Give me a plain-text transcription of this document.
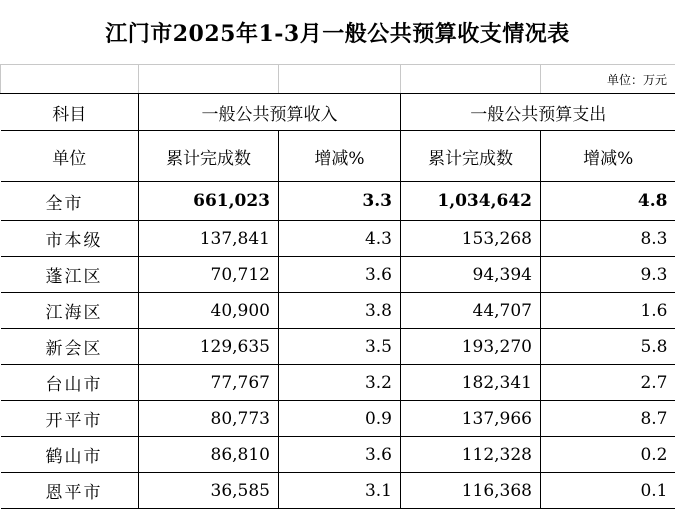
江门市2025年1-3月一般公共预算收支情况表
				单位：万元
科目	一般公共预算收入		一般公共预算支出	
单位	累计完成数	增减%	累计完成数	增减%
全市	661,023	3.3	1,034,642	4.8
市本级	137,841	4.3	153,268	8.3
蓬江区	70,712	3.6	94,394	9.3
江海区	40,900	3.8	44,707	1.6
新会区	129,635	3.5	193,270	5.8
台山市	77,767	3.2	182,341	2.7
开平市	80,773	0.9	137,966	8.7
鹤山市	86,810	3.6	112,328	0.2
恩平市	36,585	3.1	116,368	0.1
